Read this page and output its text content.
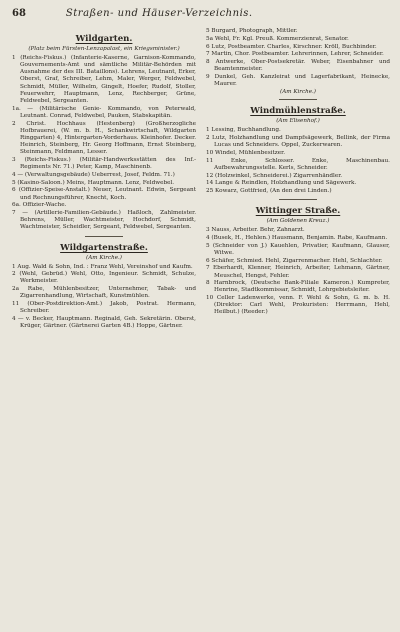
68	Straßen- und Häuser-Verzeichnis.
Wildgarten.
(Platz beim Fürsten-Lenzapalast, ein Kriegsminister.)

1 (Reichs-Fiskus.) (Infanterie-Kaserne, Garnison-Kommando, Gouvernements-Amt und sämtliche Militär-Behörden mit Ausnahme der des III. Bataillons). Lehrens, Leutnant, Erker, Oberst, Graf, Schreiber, Lehm, Maler, Werger, Feldwebel, Schmidt, Müller, Wilhelm, Gingelt, Hoefer, Rudolf, Stoller, Feuerwehrr, Hauptmann, Lenz, Rechberger, Grüne, Feldwebel, Sergeanten.

1a. — (Militärische Genie- Kommando, von Peterwald, Leutnant. Conrad, Feldwebel, Pauken, Stabskapitän.

2 Christ. Hochhaus (Hestenberg) (Großherzogliche Hofbrauerei, (W. m. b. H., Schankwirtschaft, Wildgarten Ringgarten) 4, Hintergarten-Vorderhaus. Kleinhofer. Decker. Heinrich, Steinberg, Hr. Georg Hoffmann, Ernst Steinberg, Steinmann, Feldmann, Lesser.

3 (Reichs-Fiskus.) (Militär-Handwerksstätten des Inf.-Regiments Nr. 71.) Peter, Kamp, Maschinenb.

4 — (Verwaltungsgebäude) Ueberrest, Josef, Feldm. 71.)

5 (Kasino-Saloon.) Meins, Hauptmann. Lenz, Feldwebel.

6 (Offizier-Speise-Anstalt.) Neuer, Leutnant. Edwin, Sergeant und Rechnungsführer, Knecht, Koch.

6a. Offizier-Wache.

7 — (Artillerie-Familien-Gebäude.) Haßloch, Zahlmeister. Behrens, Müller, Wachtmeister, Hochdorf, Schmidt, Wachtmeister, Scheidler, Sergeant, Feldwebel, Sergeanten.

Wildgartenstraße.
(Am Kirche.)

1 Aug. Wald & Sohn, Ind. : Franz Wehl, Vereinshof und Kaufm.

2 (Wehl, Gebrüd.) Wehl, Otto, Ingenieur. Schmidt, Schulze, Werkmeister.

2a Rabe, Mühlenbesitzer, Unternehmer, Tabak- und Zigarrenhandlung, Wirtschaft, Kunstmühlen.

11 (Ober-Postdirektion-Amt.) Jakob, Postrat. Hermann, Schreiber.

4 — v. Becker, Hauptmann. Reginald, Geh. Sekretärin. Oberst, Krüger, Gärtner. (Gärtnerei Garten 4B.) Hoppe, Gärtner.

5 Burgard, Photograph, Mittler.

5a Wehl, Fr. Kgl. Preuß. Kommerzienrat, Senator.

6 Lutz, Postbeamter. Charles, Kirschner. Kröll, Buchbinder.

7 Martin, Chor. Postbeamter. Lehrerinnen, Lehrer, Schneider.

8 Antwerke, Ober-Postsekretär. Weber, Eisenbahner und Beamtenmeister.

9 Dunkel, Geh. Kanzleirat und Lagerfabrikant, Heinecke, Maurer.

(Am Kirche.)
Windmühlenstraße.
(Am Elisenhof.)

1 Lessing, Buchhandlung.

2 Lutz, Holzhandlung und Dampfsägewerk, Bellink, der Firma Lucas und Schneiders. Oppel, Zuckerwaren.

10 Windel, Mühlenbesitzer.

11 Enke, Schlosser. Enke, Maschinenbau. Aufbewahrungsstelle. Kerls, Schneider.

12 (Holzwinkel, Schneiderei.) Zigarrenhändler.

14 Lange & Reindlen, Holzhandlung und Sägewerk.

25 Kowarz, Gottfried, (An den drei Linden.)

Wittinger Straße.
(Am Goldenen Kreuz.)

3 Nauss, Arbeiter. Behr, Zahnarzt.

4 (Busek, H., Hehlen.) Hausmann, Benjamin. Rabe, Kaufmann.

5 (Schneider von J.) Kauehlen, Privatier, Kaufmann, Glauser, Witwe.

6 Schäfer, Schmied. Hehl, Zigarrenmacher. Hehl, Schlachter.

7 Eberhardt, Klenner, Heinrich, Arbeiter, Lehmann, Gärtner, Meuschel, Hengst, Fehler.

8 Harnbrock, (Deutsche Bank-Filiale Kameron.) Kumpreter, Henrine, Stadtkommissar, Schmidt, Lohrgebietsleiter.

10 Celler Ladenwerke, venn. F. Wehl & Sohn, G. m. b. H. (Direktor: Carl Wehl, Prokuristen: Herrmann, Hehl, Heilbut.) (Reeder.)
